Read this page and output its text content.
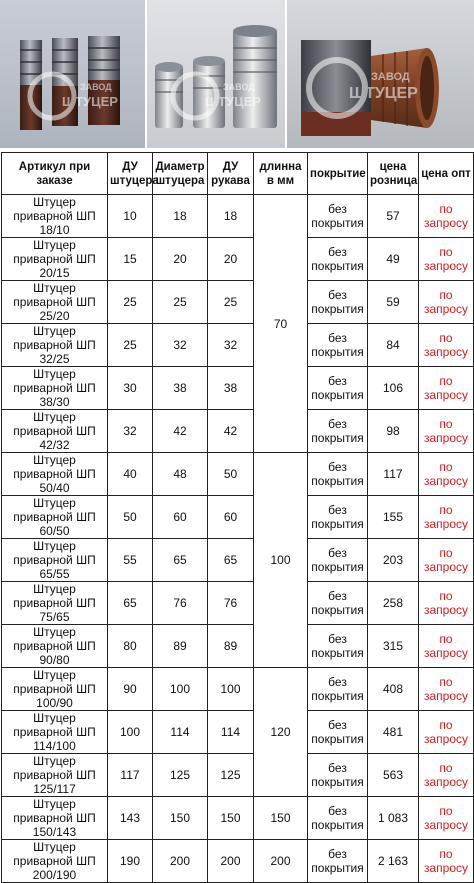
ЗАВОД
ШТУЦЕР
ЗАВОД
ШТУЦЕР
ЗАВОД
ШТУЦЕР
Артикул при заказе	ДУ штуцера	Диаметр штуцера	ДУ рукава	длинна в мм	покрытие	цена розница	цена опт
Штуцер приварной ШП 18/10	10	18	18	70	без покрытия	57	по запросу
Штуцер приварной ШП 20/15	15	20	20		без покрытия	49	по запросу
Штуцер приварной ШП 25/20	25	25	25		без покрытия	59	по запросу
Штуцер приварной ШП 32/25	25	32	32		без покрытия	84	по запросу
Штуцер приварной ШП 38/30	30	38	38		без покрытия	106	по запросу
Штуцер приварной ШП 42/32	32	42	42		без покрытия	98	по запросу
Штуцер приварной ШП 50/40	40	48	50	100	без покрытия	117	по запросу
Штуцер приварной ШП 60/50	50	60	60		без покрытия	155	по запросу
Штуцер приварной ШП 65/55	55	65	65		без покрытия	203	по запросу
Штуцер приварной ШП 75/65	65	76	76		без покрытия	258	по запросу
Штуцер приварной ШП 90/80	80	89	89		без покрытия	315	по запросу
Штуцер приварной ШП 100/90	90	100	100	120	без покрытия	408	по запросу
Штуцер приварной ШП 114/100	100	114	114		без покрытия	481	по запросу
Штуцер приварной ШП 125/117	117	125	125		без покрытия	563	по запросу
Штуцер приварной ШП 150/143	143	150	150	150	без покрытия	1 083	по запросу
Штуцер приварной ШП 200/190	190	200	200	200	без покрытия	2 163	по запросу
